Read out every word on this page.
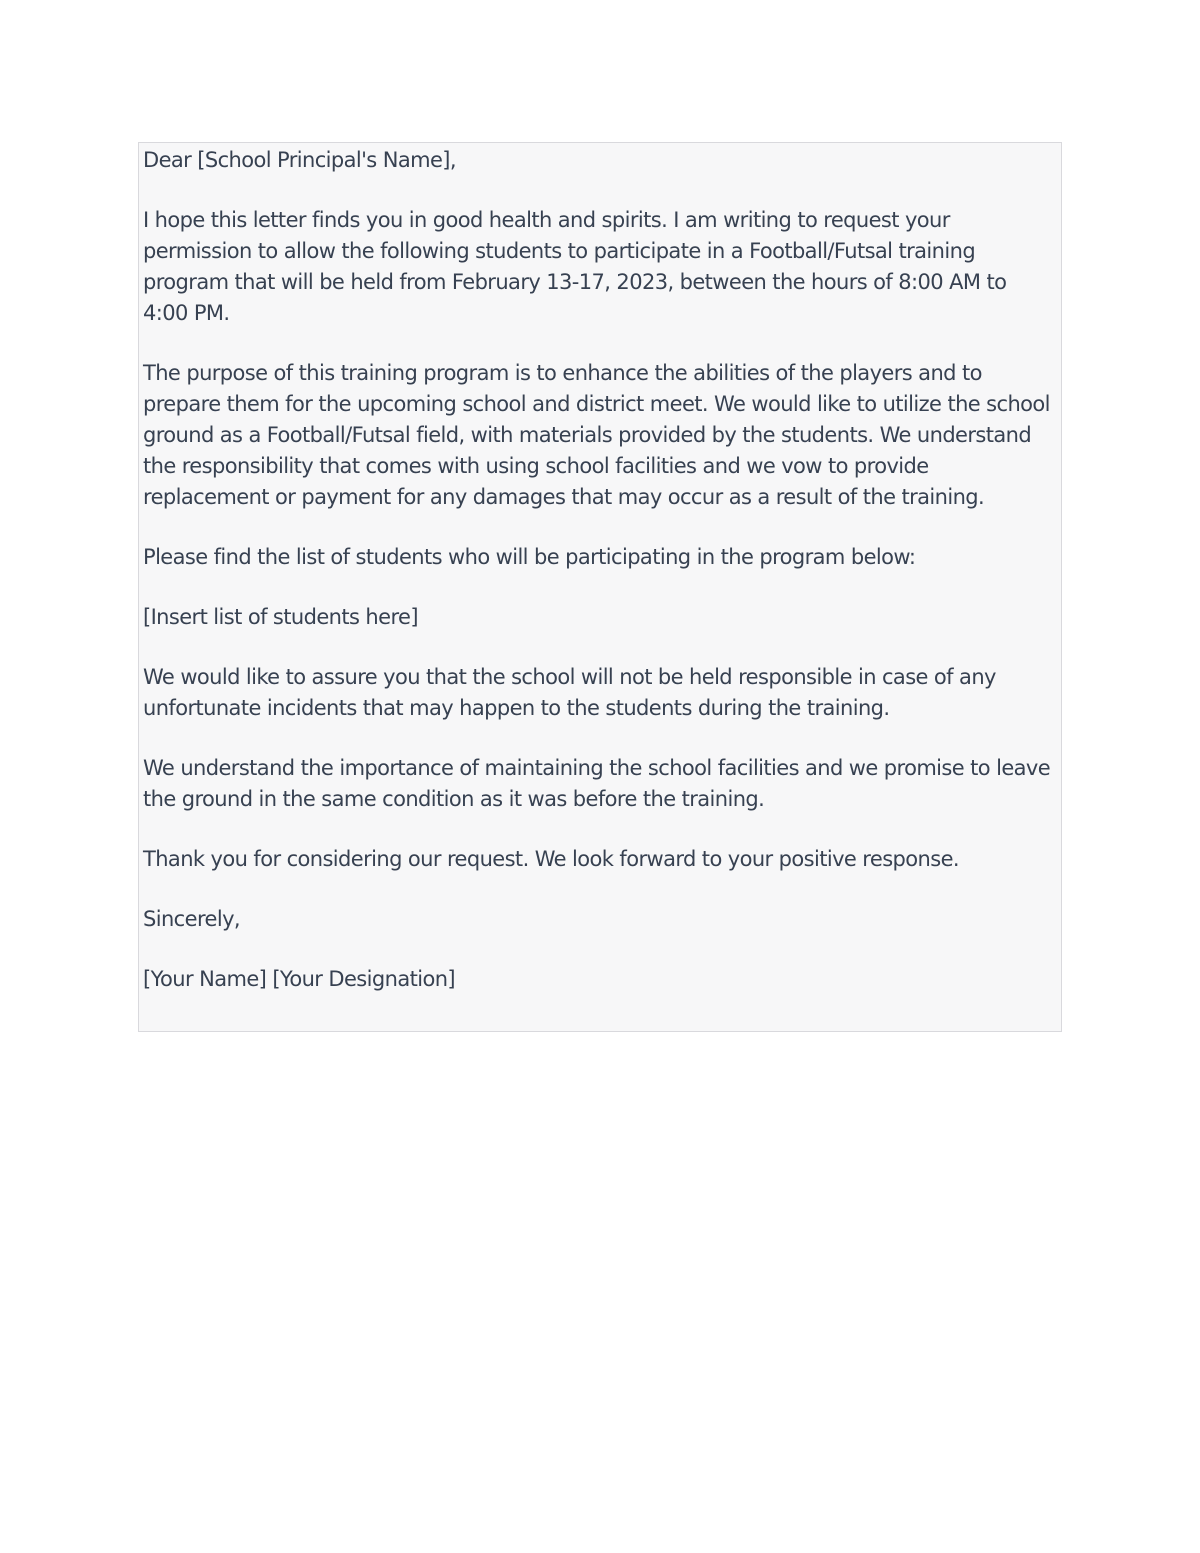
Dear [School Principal's Name],

I hope this letter finds you in good health and spirits. I am writing to request your permission to allow the following students to participate in a Football/Futsal training program that will be held from February 13-17, 2023, between the hours of 8:00 AM to 4:00 PM.

The purpose of this training program is to enhance the abilities of the players and to prepare them for the upcoming school and district meet. We would like to utilize the school ground as a Football/Futsal field, with materials provided by the students. We understand the responsibility that comes with using school facilities and we vow to provide replacement or payment for any damages that may occur as a result of the training.

Please find the list of students who will be participating in the program below:

[Insert list of students here]

We would like to assure you that the school will not be held responsible in case of any unfortunate incidents that may happen to the students during the training.

We understand the importance of maintaining the school facilities and we promise to leave the ground in the same condition as it was before the training.

Thank you for considering our request. We look forward to your positive response.

Sincerely,

[Your Name] [Your Designation]
